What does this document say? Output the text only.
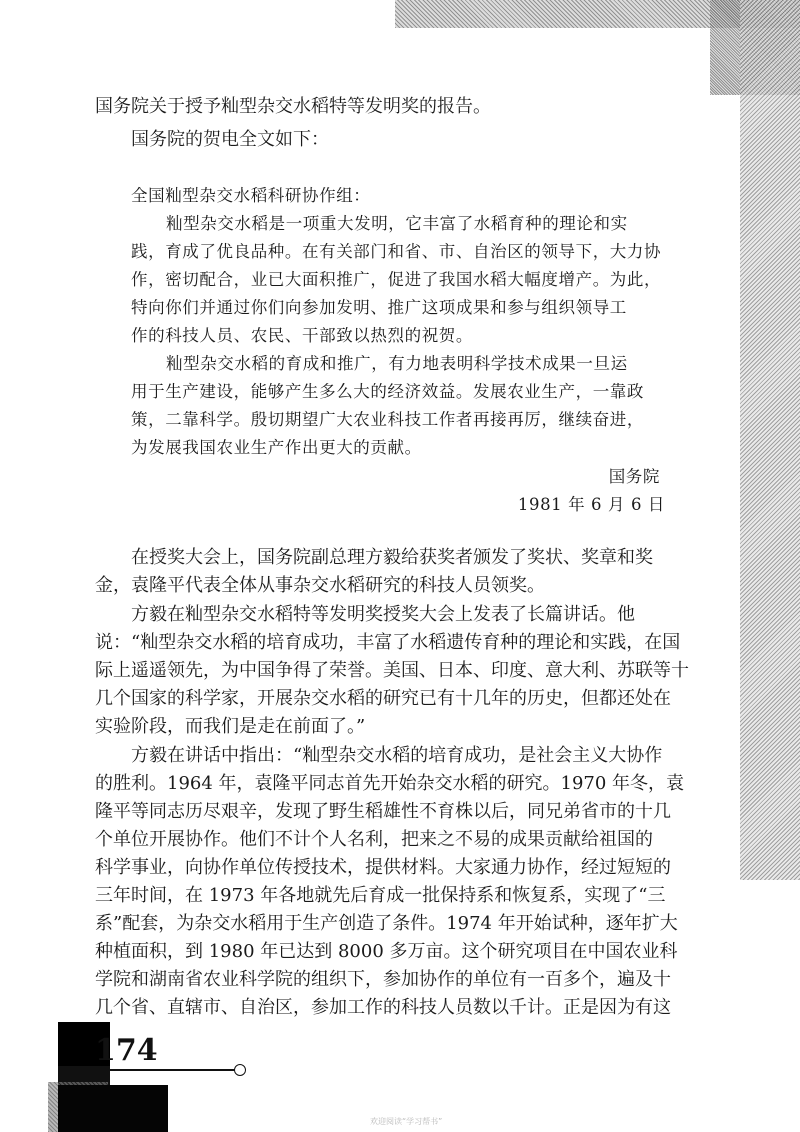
国务院关于授予籼型杂交水稻特等发明奖的报告。
国务院的贺电全文如下：
全国籼型杂交水稻科研协作组：
籼型杂交水稻是一项重大发明，它丰富了水稻育种的理论和实
践，育成了优良品种。在有关部门和省、市、自治区的领导下，大力协
作，密切配合，业已大面积推广，促进了我国水稻大幅度增产。为此，
特向你们并通过你们向参加发明、推广这项成果和参与组织领导工
作的科技人员、农民、干部致以热烈的祝贺。
籼型杂交水稻的育成和推广，有力地表明科学技术成果一旦运
用于生产建设，能够产生多么大的经济效益。发展农业生产，一靠政
策，二靠科学。殷切期望广大农业科技工作者再接再厉，继续奋进，
为发展我国农业生产作出更大的贡献。
国务院
1981 年 6 月 6 日
在授奖大会上，国务院副总理方毅给获奖者颁发了奖状、奖章和奖
金，袁隆平代表全体从事杂交水稻研究的科技人员领奖。
方毅在籼型杂交水稻特等发明奖授奖大会上发表了长篇讲话。他
说：“籼型杂交水稻的培育成功，丰富了水稻遗传育种的理论和实践，在国
际上遥遥领先，为中国争得了荣誉。美国、日本、印度、意大利、苏联等十
几个国家的科学家，开展杂交水稻的研究已有十几年的历史，但都还处在
实验阶段，而我们是走在前面了。”
方毅在讲话中指出：“籼型杂交水稻的培育成功，是社会主义大协作
的胜利。1964 年，袁隆平同志首先开始杂交水稻的研究。1970 年冬，袁
隆平等同志历尽艰辛，发现了野生稻雄性不育株以后，同兄弟省市的十几
个单位开展协作。他们不计个人名利，把来之不易的成果贡献给祖国的
科学事业，向协作单位传授技术，提供材料。大家通力协作，经过短短的
三年时间，在 1973 年各地就先后育成一批保持系和恢复系，实现了“三
系”配套，为杂交水稻用于生产创造了条件。1974 年开始试种，逐年扩大
种植面积，到 1980 年已达到 8000 多万亩。这个研究项目在中国农业科
学院和湖南省农业科学院的组织下，参加协作的单位有一百多个，遍及十
几个省、直辖市、自治区，参加工作的科技人员数以千计。正是因为有这
174
欢迎阅读“学习帮书”
